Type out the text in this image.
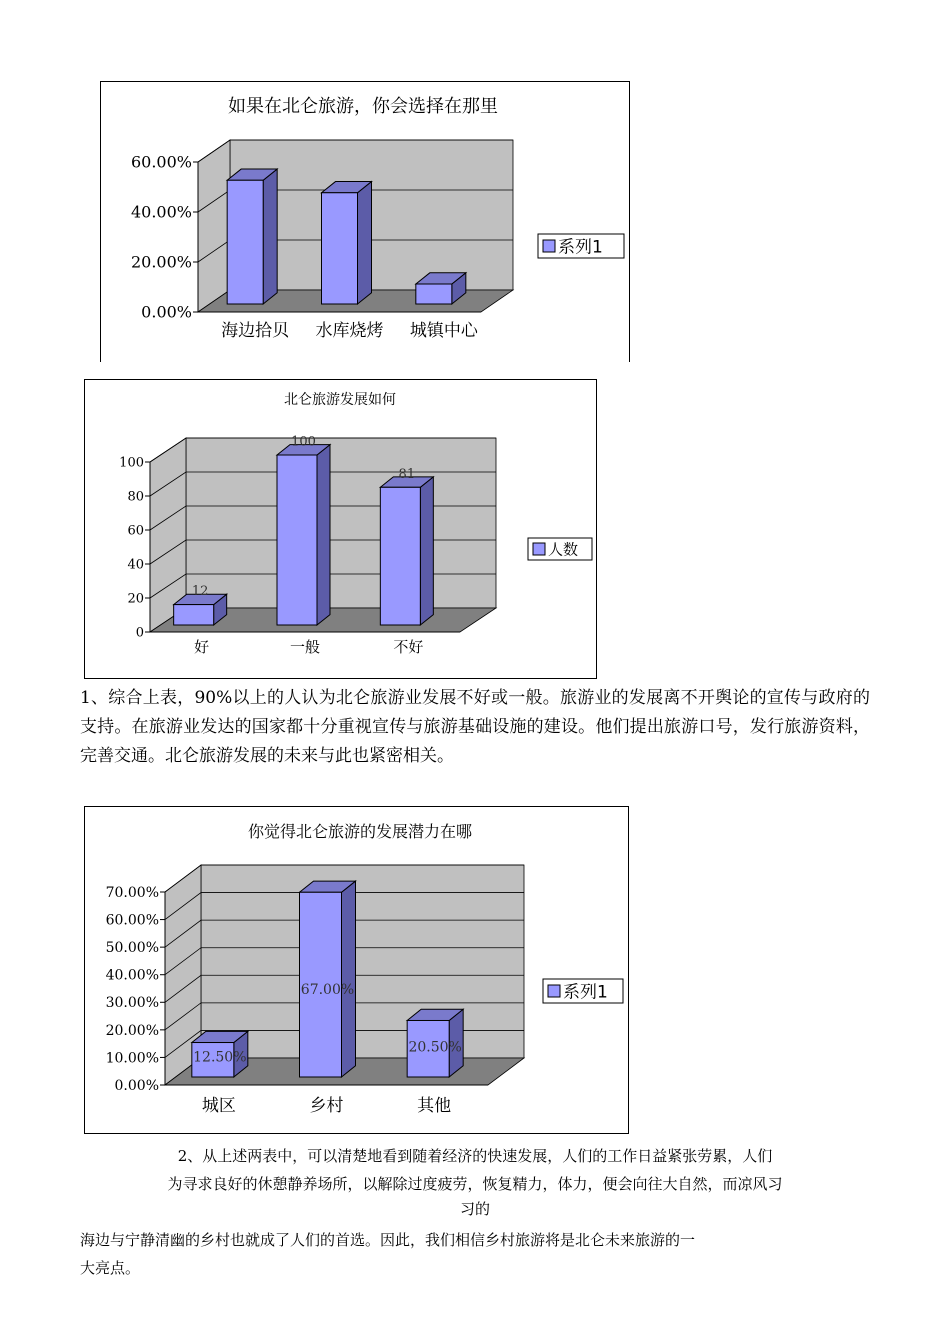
如果在北仑旅游，你会选择在那里
0.00%
20.00%
40.00%
60.00%
海边拾贝 水库烧烤 城镇中心
系列1
北仑旅游发展如何
0
20
40
60
80
100
12
好
100
一般
81
不好
人数
1、综合上表，90%以上的人认为北仑旅游业发展不好或一般。旅游业的发展离不开舆论的宣传与政府的支持。在旅游业发达的国家都十分重视宣传与旅游基础设施的建设。他们提出旅游口号，发行旅游资料，完善交通。北仑旅游发展的未来与此也紧密相关。
你觉得北仑旅游的发展潜力在哪
0.00%
10.00%
20.00%
30.00%
40.00%
50.00%
60.00%
70.00%
12.50%
城区
67.00%
乡村
20.50%
其他
系列1
2、从上述两表中，可以清楚地看到随着经济的快速发展，人们的工作日益紧张劳累，人们
为寻求良好的休憩静养场所，以解除过度疲劳，恢复精力，体力，便会向往大自然，而凉风习
习的
海边与宁静清幽的乡村也就成了人们的首选。因此，我们相信乡村旅游将是北仑未来旅游的一
大亮点。
